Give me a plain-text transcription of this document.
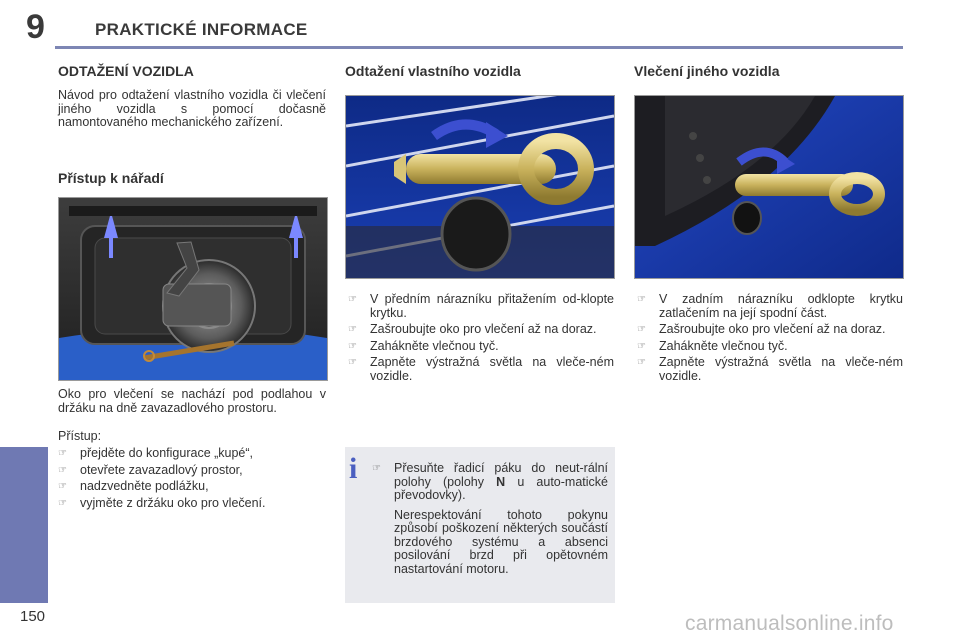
9	PRAKTICKÉ INFORMACE
ODTAŽENÍ VOZIDLA

Návod pro odtažení vlastního vozidla či vlečení jiného vozidla s pomocí dočasně namontovaného mechanického zařízení.

Přístup k nářadí

Oko pro vlečení se nachází pod podlahou v držáku na dně zavazadlového prostoru.

Přístup:
☞ přejděte do konfigurace „kupé“,
☞ otevřete zavazadlový prostor,
☞ nadzvedněte podlážku,
☞ vyjměte z držáku oko pro vlečení.
Odtažení vlastního vozidla
☞ V předním nárazníku přitažením od-klopte krytku.
☞ Zašroubujte oko pro vlečení až na doraz.
☞ Zahákněte vlečnou tyč.
☞ Zapněte výstražná světla na vleče-ném vozidle.
i ☞ Přesuňte řadicí páku do neut-rální polohy (polohy N u auto-matické převodovky).

Nerespektování tohoto pokynu způsobí poškození některých součástí brzdového systému a absenci posilování brzd při opětovném nastartování motoru.

Vlečení jiného vozidla
☞ V zadním nárazníku odklopte krytku zatlačením na její spodní část.
☞ Zašroubujte oko pro vlečení až na doraz.
☞ Zahákněte vlečnou tyč.
☞ Zapněte výstražná světla na vleče-ném vozidle.
150	carmanualsonline.info
